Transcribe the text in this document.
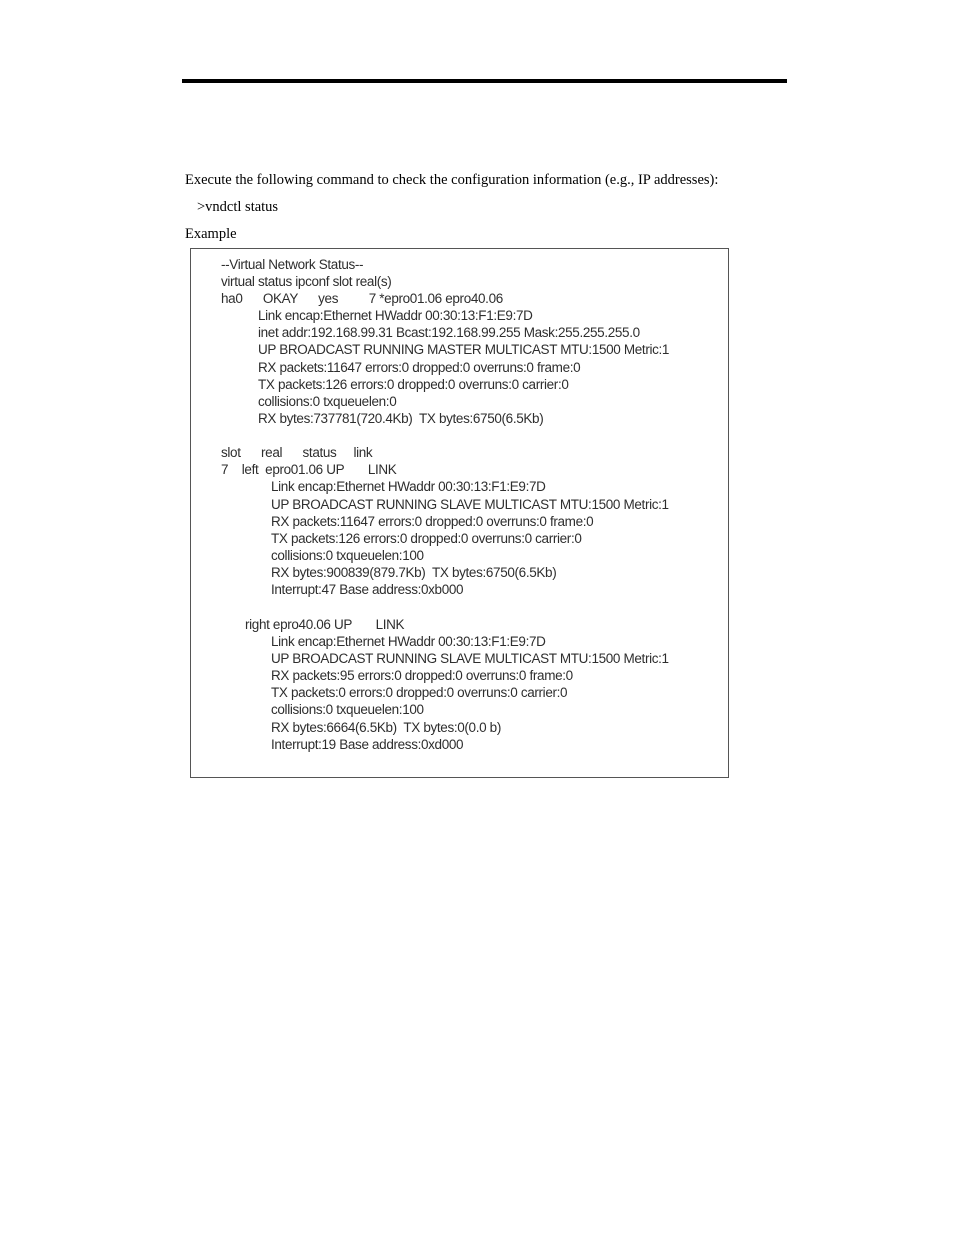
Execute the following command to check the configuration information (e.g., IP addresses):
>vndctl status
Example
--Virtual Network Status--
virtual status ipconf slot real(s)
ha0      OKAY      yes         7 *epro01.06 epro40.06
Link encap:Ethernet HWaddr 00:30:13:F1:E9:7D
inet addr:192.168.99.31 Bcast:192.168.99.255 Mask:255.255.255.0
UP BROADCAST RUNNING MASTER MULTICAST MTU:1500 Metric:1
RX packets:11647 errors:0 dropped:0 overruns:0 frame:0
TX packets:126 errors:0 dropped:0 overruns:0 carrier:0
collisions:0 txqueuelen:0
RX bytes:737781(720.4Kb)  TX bytes:6750(6.5Kb)
slot      real      status     link
7    left  epro01.06 UP       LINK
Link encap:Ethernet HWaddr 00:30:13:F1:E9:7D
UP BROADCAST RUNNING SLAVE MULTICAST MTU:1500 Metric:1
RX packets:11647 errors:0 dropped:0 overruns:0 frame:0
TX packets:126 errors:0 dropped:0 overruns:0 carrier:0
collisions:0 txqueuelen:100
RX bytes:900839(879.7Kb)  TX bytes:6750(6.5Kb)
Interrupt:47 Base address:0xb000
right epro40.06 UP       LINK
Link encap:Ethernet HWaddr 00:30:13:F1:E9:7D
UP BROADCAST RUNNING SLAVE MULTICAST MTU:1500 Metric:1
RX packets:95 errors:0 dropped:0 overruns:0 frame:0
TX packets:0 errors:0 dropped:0 overruns:0 carrier:0
collisions:0 txqueuelen:100
RX bytes:6664(6.5Kb)  TX bytes:0(0.0 b)
Interrupt:19 Base address:0xd000
